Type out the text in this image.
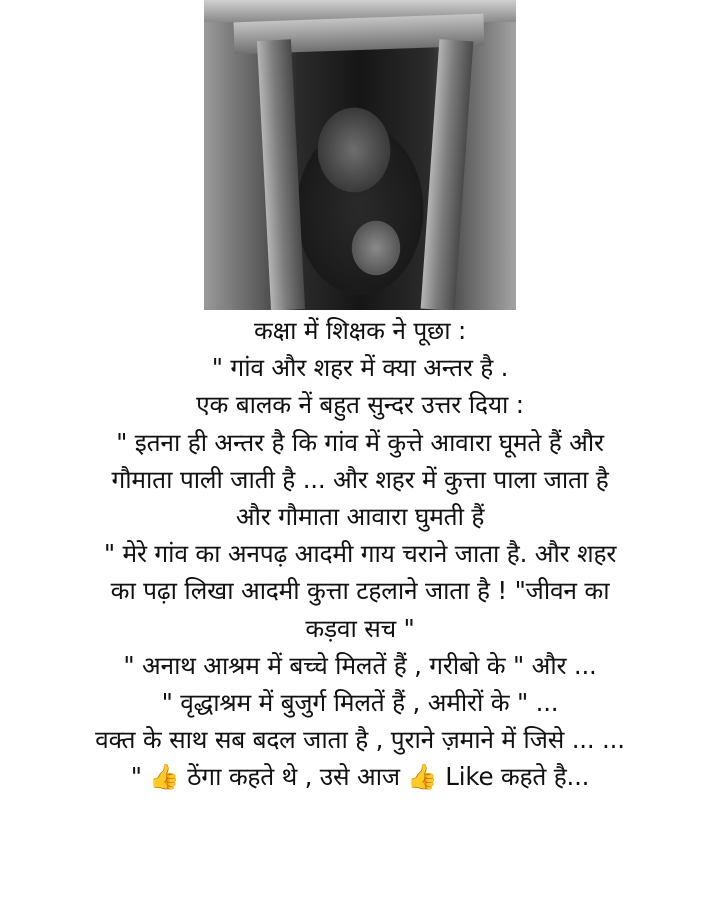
कक्षा में शिक्षक ने पूछा :
" गांव और शहर में क्या अन्तर है .
एक बालक नें बहुत सुन्दर उत्तर दिया :
" इतना ही अन्तर है कि गांव में कुत्ते आवारा घूमते हैं और
गौमाता पाली जाती है ... और शहर में कुत्ता पाला जाता है
और गौमाता आवारा घुमती हैं
" मेरे गांव का अनपढ़ आदमी गाय चराने जाता है. और शहर
का पढ़ा लिखा आदमी कुत्ता टहलाने जाता है ! "जीवन का
कड़वा सच "
" अनाथ आश्रम में बच्चे मिलतें हैं , गरीबो के " और ...
" वृद्धाश्रम में बुजुर्ग मिलतें हैं , अमीरों के " ...
वक्त के साथ सब बदल जाता है , पुराने ज़माने में जिसे ... ...
" 👍 ठेंगा कहते थे , उसे आज 👍 Like कहते है...
